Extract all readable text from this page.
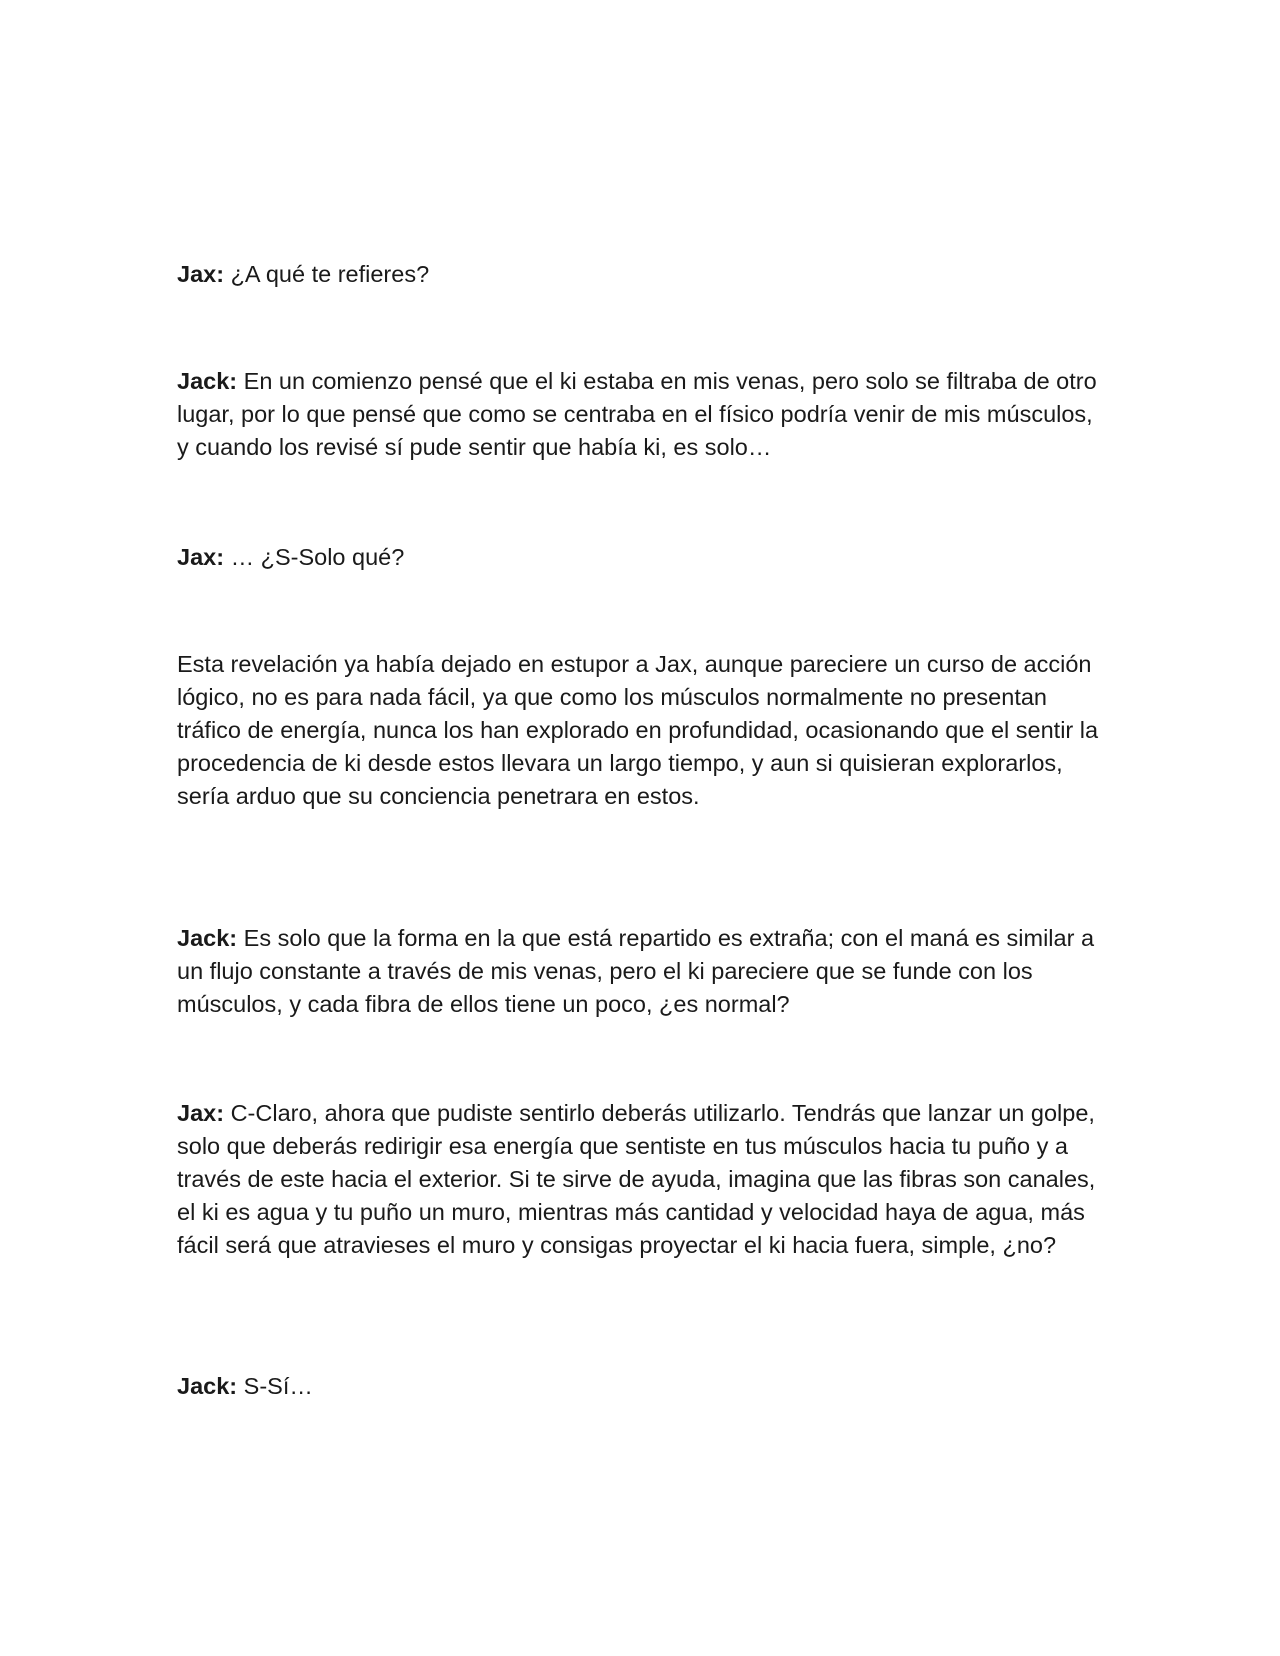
Jax: ¿A qué te refieres?

Jack: En un comienzo pensé que el ki estaba en mis venas, pero solo se filtraba de otro lugar, por lo que pensé que como se centraba en el físico podría venir de mis músculos, y cuando los revisé sí pude sentir que había ki, es solo…

Jax: … ¿S-Solo qué?

Esta revelación ya había dejado en estupor a Jax, aunque pareciere un curso de acción lógico, no es para nada fácil, ya que como los músculos normalmente no presentan tráfico de energía, nunca los han explorado en profundidad, ocasionando que el sentir la procedencia de ki desde estos llevara un largo tiempo, y aun si quisieran explorarlos, sería arduo que su conciencia penetrara en estos.

Jack: Es solo que la forma en la que está repartido es extraña; con el maná es similar a un flujo constante a través de mis venas, pero el ki pareciere que se funde con los músculos, y cada fibra de ellos tiene un poco, ¿es normal?

Jax: C-Claro, ahora que pudiste sentirlo deberás utilizarlo. Tendrás que lanzar un golpe, solo que deberás redirigir esa energía que sentiste en tus músculos hacia tu puño y a través de este hacia el exterior. Si te sirve de ayuda, imagina que las fibras son canales, el ki es agua y tu puño un muro, mientras más cantidad y velocidad haya de agua, más fácil será que atravieses el muro y consigas proyectar el ki hacia fuera, simple, ¿no?

Jack: S-Sí…
